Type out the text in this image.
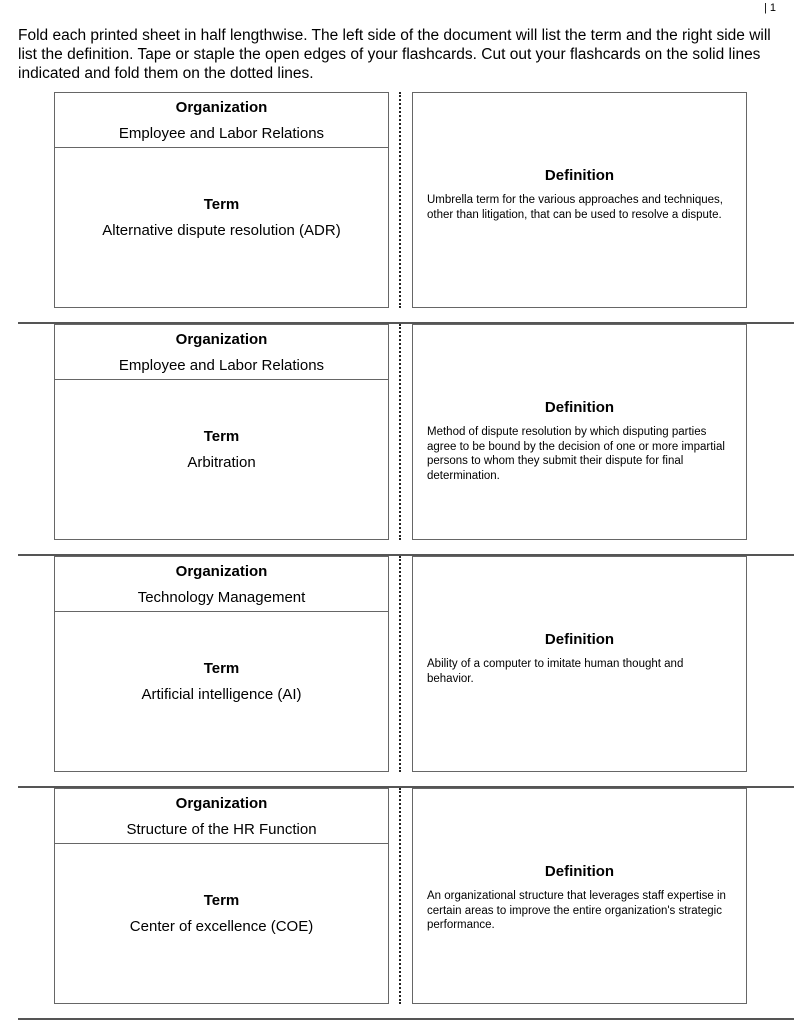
| 1
Fold each printed sheet in half lengthwise. The left side of the document will list the term and the right side will list the definition. Tape or staple the open edges of your flashcards. Cut out your flashcards on the solid lines indicated and fold them on the dotted lines.
Organization
Employee and Labor Relations
Term
Alternative dispute resolution (ADR)
Definition
Umbrella term for the various approaches and techniques, other than litigation, that can be used to resolve a dispute.
Organization
Employee and Labor Relations
Term
Arbitration
Definition
Method of dispute resolution by which disputing parties agree to be bound by the decision of one or more impartial persons to whom they submit their dispute for final determination.
Organization
Technology Management
Term
Artificial intelligence (AI)
Definition
Ability of a computer to imitate human thought and behavior.
Organization
Structure of the HR Function
Term
Center of excellence (COE)
Definition
An organizational structure that leverages staff expertise in certain areas to improve the entire organization's strategic performance.
